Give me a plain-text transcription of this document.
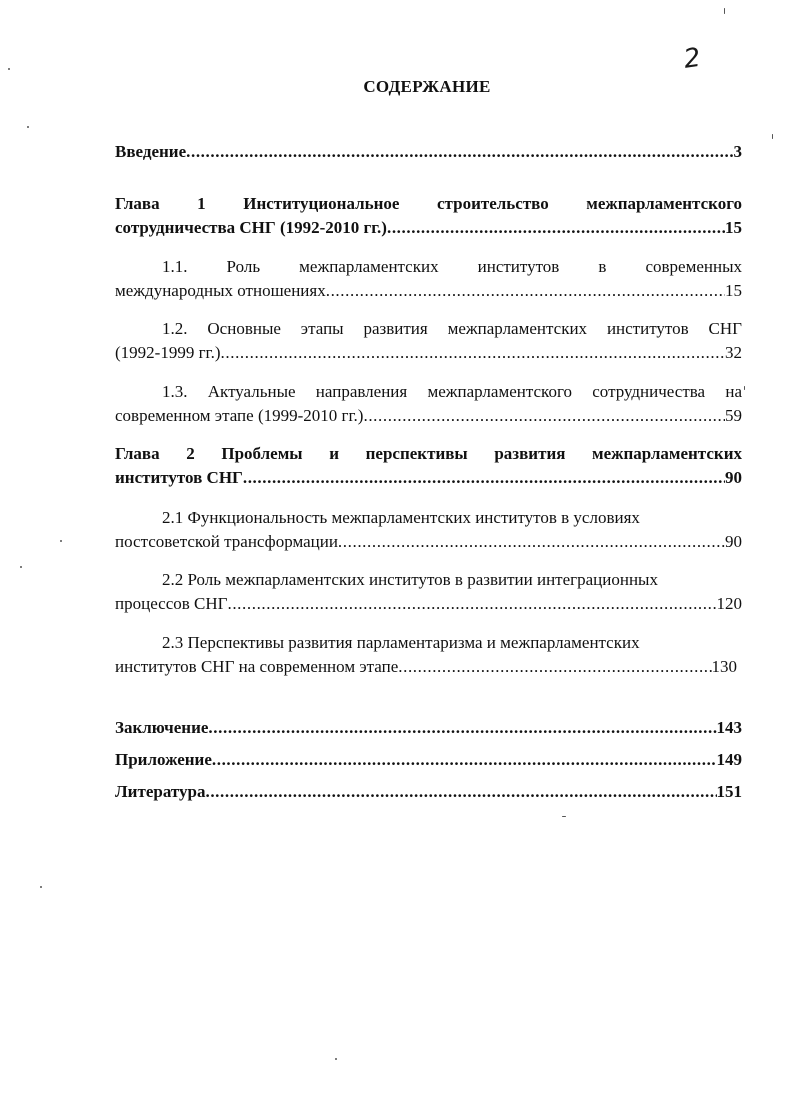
2
СОДЕРЖАНИЕ
Введение .....	3
Глава 1 Институциональное строительство межпарламентского
сотрудничества СНГ (1992-2010 гг.) .....	15
1.1. Роль межпарламентских институтов в современных
международных отношениях .....	15
1.2. Основные этапы развития межпарламентских институтов СНГ
(1992-1999 гг.) .....	32
1.3. Актуальные направления межпарламентского сотрудничества на
современном этапе (1999-2010 гг.) .....	59
Глава 2 Проблемы и перспективы развития межпарламентских
институтов СНГ .....	90
2.1 Функциональность межпарламентских институтов в условиях
постсоветской трансформации .....	90
2.2 Роль межпарламентских институтов в развитии интеграционных
процессов СНГ .....	120
2.3 Перспективы развития парламентаризма и межпарламентских
институтов СНГ на современном этапе .....	130
Заключение .....	143
Приложение .....	149
Литература .....	151
